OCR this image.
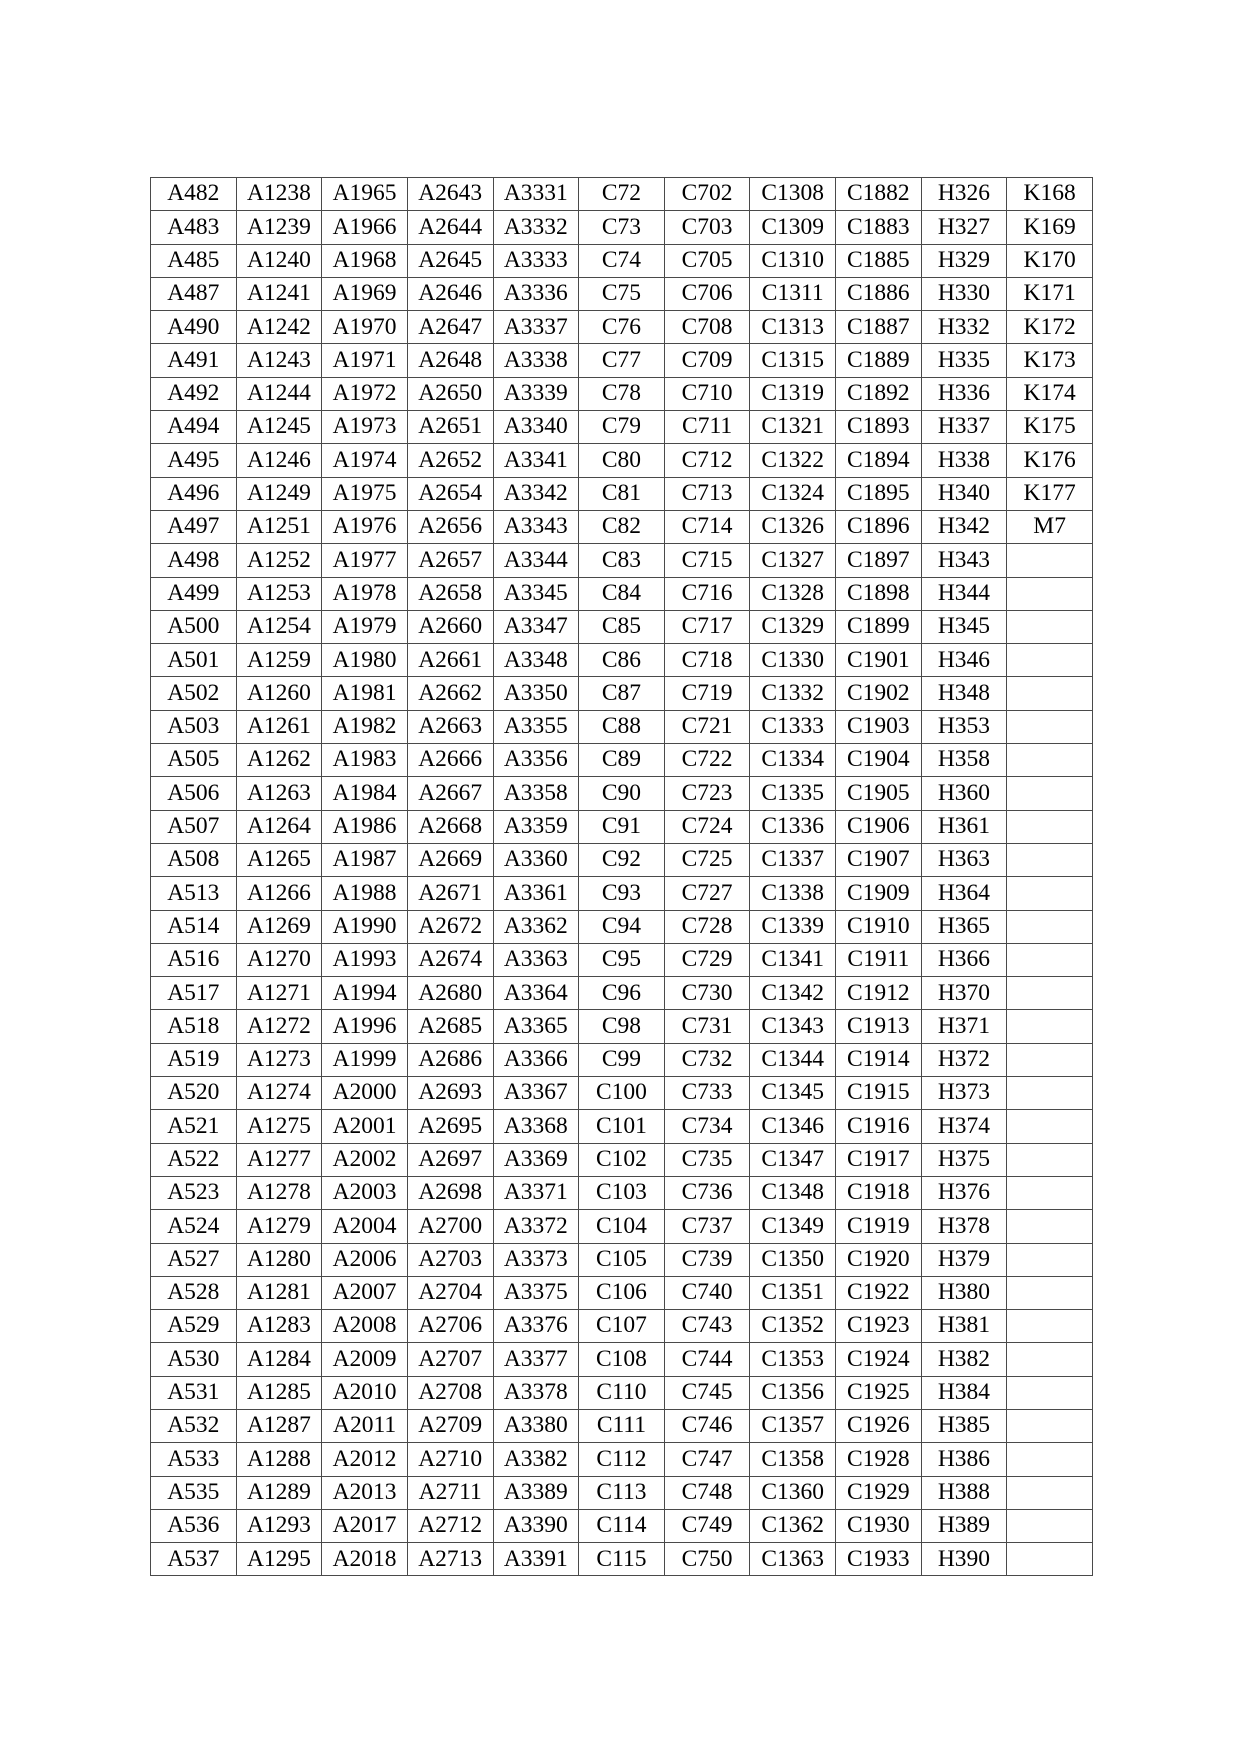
A482	A1238	A1965	A2643	A3331	C72	C702	C1308	C1882	H326	K168
A483	A1239	A1966	A2644	A3332	C73	C703	C1309	C1883	H327	K169
A485	A1240	A1968	A2645	A3333	C74	C705	C1310	C1885	H329	K170
A487	A1241	A1969	A2646	A3336	C75	C706	C1311	C1886	H330	K171
A490	A1242	A1970	A2647	A3337	C76	C708	C1313	C1887	H332	K172
A491	A1243	A1971	A2648	A3338	C77	C709	C1315	C1889	H335	K173
A492	A1244	A1972	A2650	A3339	C78	C710	C1319	C1892	H336	K174
A494	A1245	A1973	A2651	A3340	C79	C711	C1321	C1893	H337	K175
A495	A1246	A1974	A2652	A3341	C80	C712	C1322	C1894	H338	K176
A496	A1249	A1975	A2654	A3342	C81	C713	C1324	C1895	H340	K177
A497	A1251	A1976	A2656	A3343	C82	C714	C1326	C1896	H342	M7
A498	A1252	A1977	A2657	A3344	C83	C715	C1327	C1897	H343	
A499	A1253	A1978	A2658	A3345	C84	C716	C1328	C1898	H344	
A500	A1254	A1979	A2660	A3347	C85	C717	C1329	C1899	H345	
A501	A1259	A1980	A2661	A3348	C86	C718	C1330	C1901	H346	
A502	A1260	A1981	A2662	A3350	C87	C719	C1332	C1902	H348	
A503	A1261	A1982	A2663	A3355	C88	C721	C1333	C1903	H353	
A505	A1262	A1983	A2666	A3356	C89	C722	C1334	C1904	H358	
A506	A1263	A1984	A2667	A3358	C90	C723	C1335	C1905	H360	
A507	A1264	A1986	A2668	A3359	C91	C724	C1336	C1906	H361	
A508	A1265	A1987	A2669	A3360	C92	C725	C1337	C1907	H363	
A513	A1266	A1988	A2671	A3361	C93	C727	C1338	C1909	H364	
A514	A1269	A1990	A2672	A3362	C94	C728	C1339	C1910	H365	
A516	A1270	A1993	A2674	A3363	C95	C729	C1341	C1911	H366	
A517	A1271	A1994	A2680	A3364	C96	C730	C1342	C1912	H370	
A518	A1272	A1996	A2685	A3365	C98	C731	C1343	C1913	H371	
A519	A1273	A1999	A2686	A3366	C99	C732	C1344	C1914	H372	
A520	A1274	A2000	A2693	A3367	C100	C733	C1345	C1915	H373	
A521	A1275	A2001	A2695	A3368	C101	C734	C1346	C1916	H374	
A522	A1277	A2002	A2697	A3369	C102	C735	C1347	C1917	H375	
A523	A1278	A2003	A2698	A3371	C103	C736	C1348	C1918	H376	
A524	A1279	A2004	A2700	A3372	C104	C737	C1349	C1919	H378	
A527	A1280	A2006	A2703	A3373	C105	C739	C1350	C1920	H379	
A528	A1281	A2007	A2704	A3375	C106	C740	C1351	C1922	H380	
A529	A1283	A2008	A2706	A3376	C107	C743	C1352	C1923	H381	
A530	A1284	A2009	A2707	A3377	C108	C744	C1353	C1924	H382	
A531	A1285	A2010	A2708	A3378	C110	C745	C1356	C1925	H384	
A532	A1287	A2011	A2709	A3380	C111	C746	C1357	C1926	H385	
A533	A1288	A2012	A2710	A3382	C112	C747	C1358	C1928	H386	
A535	A1289	A2013	A2711	A3389	C113	C748	C1360	C1929	H388	
A536	A1293	A2017	A2712	A3390	C114	C749	C1362	C1930	H389	
A537	A1295	A2018	A2713	A3391	C115	C750	C1363	C1933	H390	
